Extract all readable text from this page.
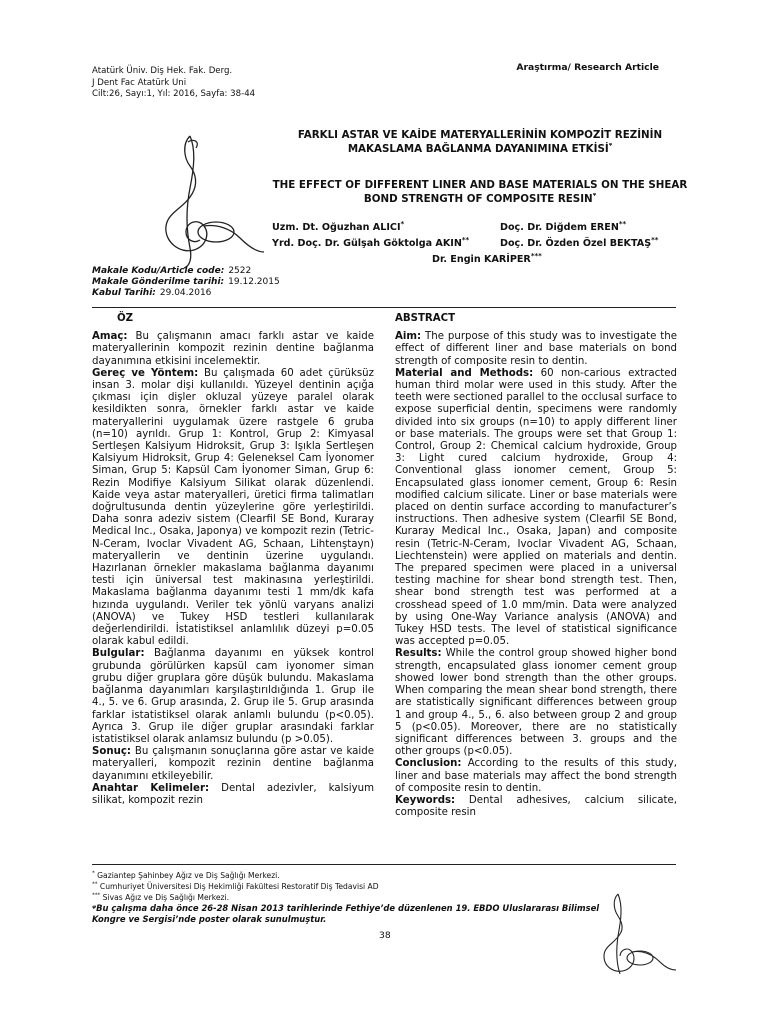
Atatürk Üniv. Diş Hek. Fak. Derg.
J Dent Fac Atatürk Uni
Cilt:26, Sayı:1, Yıl: 2016, Sayfa: 38-44
Araştırma/ Research Article
FARKLI ASTAR VE KAİDE MATERYALLERİNİN KOMPOZİT REZİNİN
MAKASLAMA BAĞLANMA DAYANIMINA $ETKİSİ^ᵠ$
THE EFFECT OF DIFFERENT LINER AND BASE MATERIALS ON THE SHEAR
BOND STRENGTH OF COMPOSITE $RESIN^ᵠ$
Uzm. Dt. Oğuzhan ALICI*	Doç. Dr. Diğdem EREN**
Yrd. Doç. Dr. Gülşah Göktolga AKIN**	Doç. Dr. Özden Özel BEKTAŞ**
Dr. Engin KARİPER***
Makale Kodu/Article code: 2522
Makale Gönderilme tarihi: 19.12.2015
Kabul Tarihi: 29.04.2016
ÖZ

Amaç: Bu çalışmanın amacı farklı astar ve kaide materyallerinin kompozit rezinin dentine bağlanma dayanımına etkisini incelemektir.

Gereç ve Yöntem: Bu çalışmada 60 adet çürüksüz insan 3. molar dişi kullanıldı. Yüzeyel dentinin açığa çıkması için dişler okluzal yüzeye paralel olarak kesildikten sonra, örnekler farklı astar ve kaide materyallerini uygulamak üzere rastgele 6 gruba (n=10) ayrıldı. Grup 1: Kontrol, Grup 2: Kimyasal Sertleşen Kalsiyum Hidroksit, Grup 3: Işıkla Sertleşen Kalsiyum Hidroksit, Grup 4: Geleneksel Cam İyonomer Siman, Grup 5: Kapsül Cam İyonomer Siman, Grup 6: Rezin Modifiye Kalsiyum Silikat olarak düzenlendi. Kaide veya astar materyalleri, üretici firma talimatları doğrultusunda dentin yüzeylerine göre yerleştirildi. Daha sonra adeziv sistem (Clearfil SE Bond, Kuraray Medical Inc., Osaka, Japonya) ve kompozit rezin (Tetric-N-Ceram, Ivoclar Vivadent AG, Schaan, Lihtenştayn) materyallerin ve dentinin üzerine uygulandı. Hazırlanan örnekler makaslama bağlanma dayanımı testi için üniversal test makinasına yerleştirildi. Makaslama bağlanma dayanımı testi 1 mm/dk kafa hızında uygulandı. Veriler tek yönlü varyans analizi (ANOVA) ve Tukey HSD testleri kullanılarak değerlendirildi. İstatistiksel anlamlılık düzeyi p=0.05 olarak kabul edildi.

Bulgular: Bağlanma dayanımı en yüksek kontrol grubunda görülürken kapsül cam iyonomer siman grubu diğer gruplara göre düşük bulundu. Makaslama bağlanma dayanımları karşılaştırıldığında 1. Grup ile 4., 5. ve 6. Grup arasında, 2. Grup ile 5. Grup arasında farklar istatistiksel olarak anlamlı bulundu (p<0.05). Ayrıca 3. Grup ile diğer gruplar arasındaki farklar istatistiksel olarak anlamsız bulundu (p >0.05).

Sonuç: Bu çalışmanın sonuçlarına göre astar ve kaide materyalleri, kompozit rezinin dentine bağlanma dayanımını etkileyebilir.

Anahtar Kelimeler: Dental adezivler, kalsiyum silikat, kompozit rezin

ABSTRACT

Aim: The purpose of this study was to investigate the effect of different liner and base materials on bond strength of composite resin to dentin.

Material and Methods: 60 non-carious extracted human third molar were used in this study. After the teeth were sectioned parallel to the occlusal surface to expose superficial dentin, specimens were randomly divided into six groups (n=10) to apply different liner or base materials. The groups were set that Group 1: Control, Group 2: Chemical calcium hydroxide, Group 3: Light cured calcium hydroxide, Group 4: Conventional glass ionomer cement, Group 5: Encapsulated glass ionomer cement, Group 6: Resin modified calcium silicate. Liner or base materials were placed on dentin surface according to manufacturer’s instructions. Then adhesive system (Clearfil SE Bond, Kuraray Medical Inc., Osaka, Japan) and composite resin (Tetric-N-Ceram, Ivoclar Vivadent AG, Schaan, Liechtenstein) were applied on materials and dentin. The prepared specimen were placed in a universal testing machine for shear bond strength test. Then, shear bond strength test was performed at a crosshead speed of 1.0 mm/min. Data were analyzed by using One-Way Variance analysis (ANOVA) and Tukey HSD tests. The level of statistical significance was accepted p=0.05.

Results: While the control group showed higher bond strength, encapsulated glass ionomer cement group showed lower bond strength than the other groups. When comparing the mean shear bond strength, there are statistically significant differences between group 1 and group 4., 5., 6. also between group 2 and group 5 (p<0.05). Moreover, there are no statistically significant differences between 3. groups and the other groups (p<0.05).

Conclusion: According to the results of this study, liner and base materials may affect the bond strength of composite resin to dentin.

Keywords: Dental adhesives, calcium silicate, composite resin

* Gaziantep Şahinbey Ağız ve Diş Sağlığı Merkezi.
** Cumhuriyet Üniversitesi Diş Hekimliği Fakültesi Restoratif Diş Tedavisi AD
*** Sivas Ağız ve Diş Sağlığı Merkezi.
ᵠBu çalışma daha önce 26-28 Nisan 2013 tarihlerinde Fethiye’de düzenlenen 19. EBDO Uluslararası Bilimsel Kongre ve Sergisi’nde poster olarak sunulmuştur.
38
